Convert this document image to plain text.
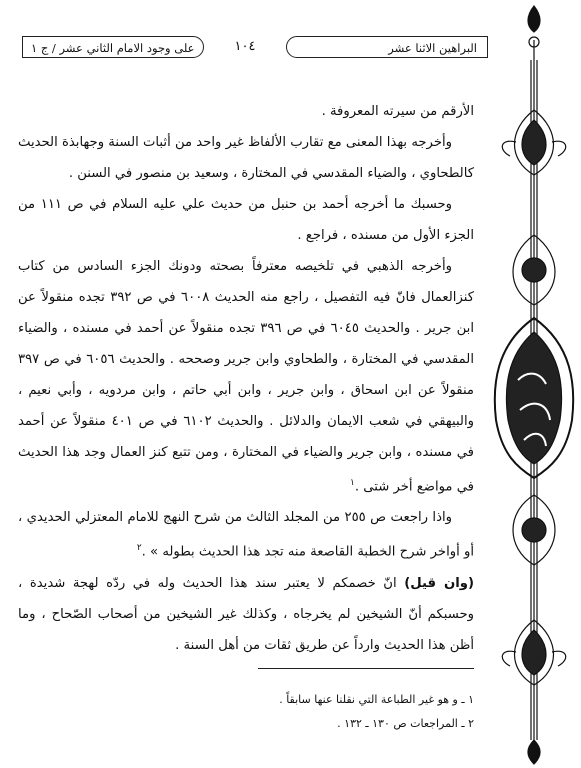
على وجود الامام الثاني عشر / ج ١	١٠٤	البراهين الاثنا عشر

الأرقم من سيرته المعروفة .

وأخرجه بهذا المعنى مع تقارب الألفاظ غير واحد من أثبات السنة وجهابذة الحديث كالطحاوي ، والضياء المقدسي في المختارة ، وسعيد بن منصور في السنن .

وحسبك ما أخرجه أحمد بن حنبل من حديث علي عليه السلام في ص ١١١ من الجزء الأول من مسنده ، فراجع .

وأخرجه الذهبي في تلخيصه معترفاً بصحته ودونك الجزء السادس من كتاب كنزالعمال فانّ فيه التفصيل ، راجع منه الحديث ٦٠٠٨ في ص ٣٩٢ تجده منقولاً عن ابن جرير . والحديث ٦٠٤٥ في ص ٣٩٦ تجده منقولاً عن أحمد في مسنده ، والضياء المقدسي في المختارة ، والطحاوي وابن جرير وصححه . والحديث ٦٠٥٦ في ص ٣٩٧ منقولاً عن ابن اسحاق ، وابن جرير ، وابن أبي حاتم ، وابن مردويه ، وأبي نعيم ، والبيهقي في شعب الايمان والدلائل . والحديث ٦١٠٢ في ص ٤٠١ منقولاً عن أحمد في مسنده ، وابن جرير والضياء في المختارة ، ومن تتبع كنز العمال وجد هذا الحديث في مواضع أخر شتى .$^١$

واذا راجعت ص ٢٥٥ من المجلد الثالث من شرح النهج للامام المعتزلي الحديدي ، أو أواخر شرح الخطبة القاصعة منه تجد هذا الحديث بطوله » .$^٢$

(وان قيل) انّ خصمكم لا يعتبر سند هذا الحديث وله في ردّه لهجة شديدة ، وحسبكم أنّ الشيخين لم يخرجاه ، وكذلك غير الشيخين من أصحاب الصّحاح ، وما أظن هذا الحديث وارداً عن طريق ثقات من أهل السنة .

١ ـ و هو غير الطباعة التي نقلنا عنها سابقاً .

٢ ـ المراجعات ص ١٣٠ ـ ١٣٢ .
